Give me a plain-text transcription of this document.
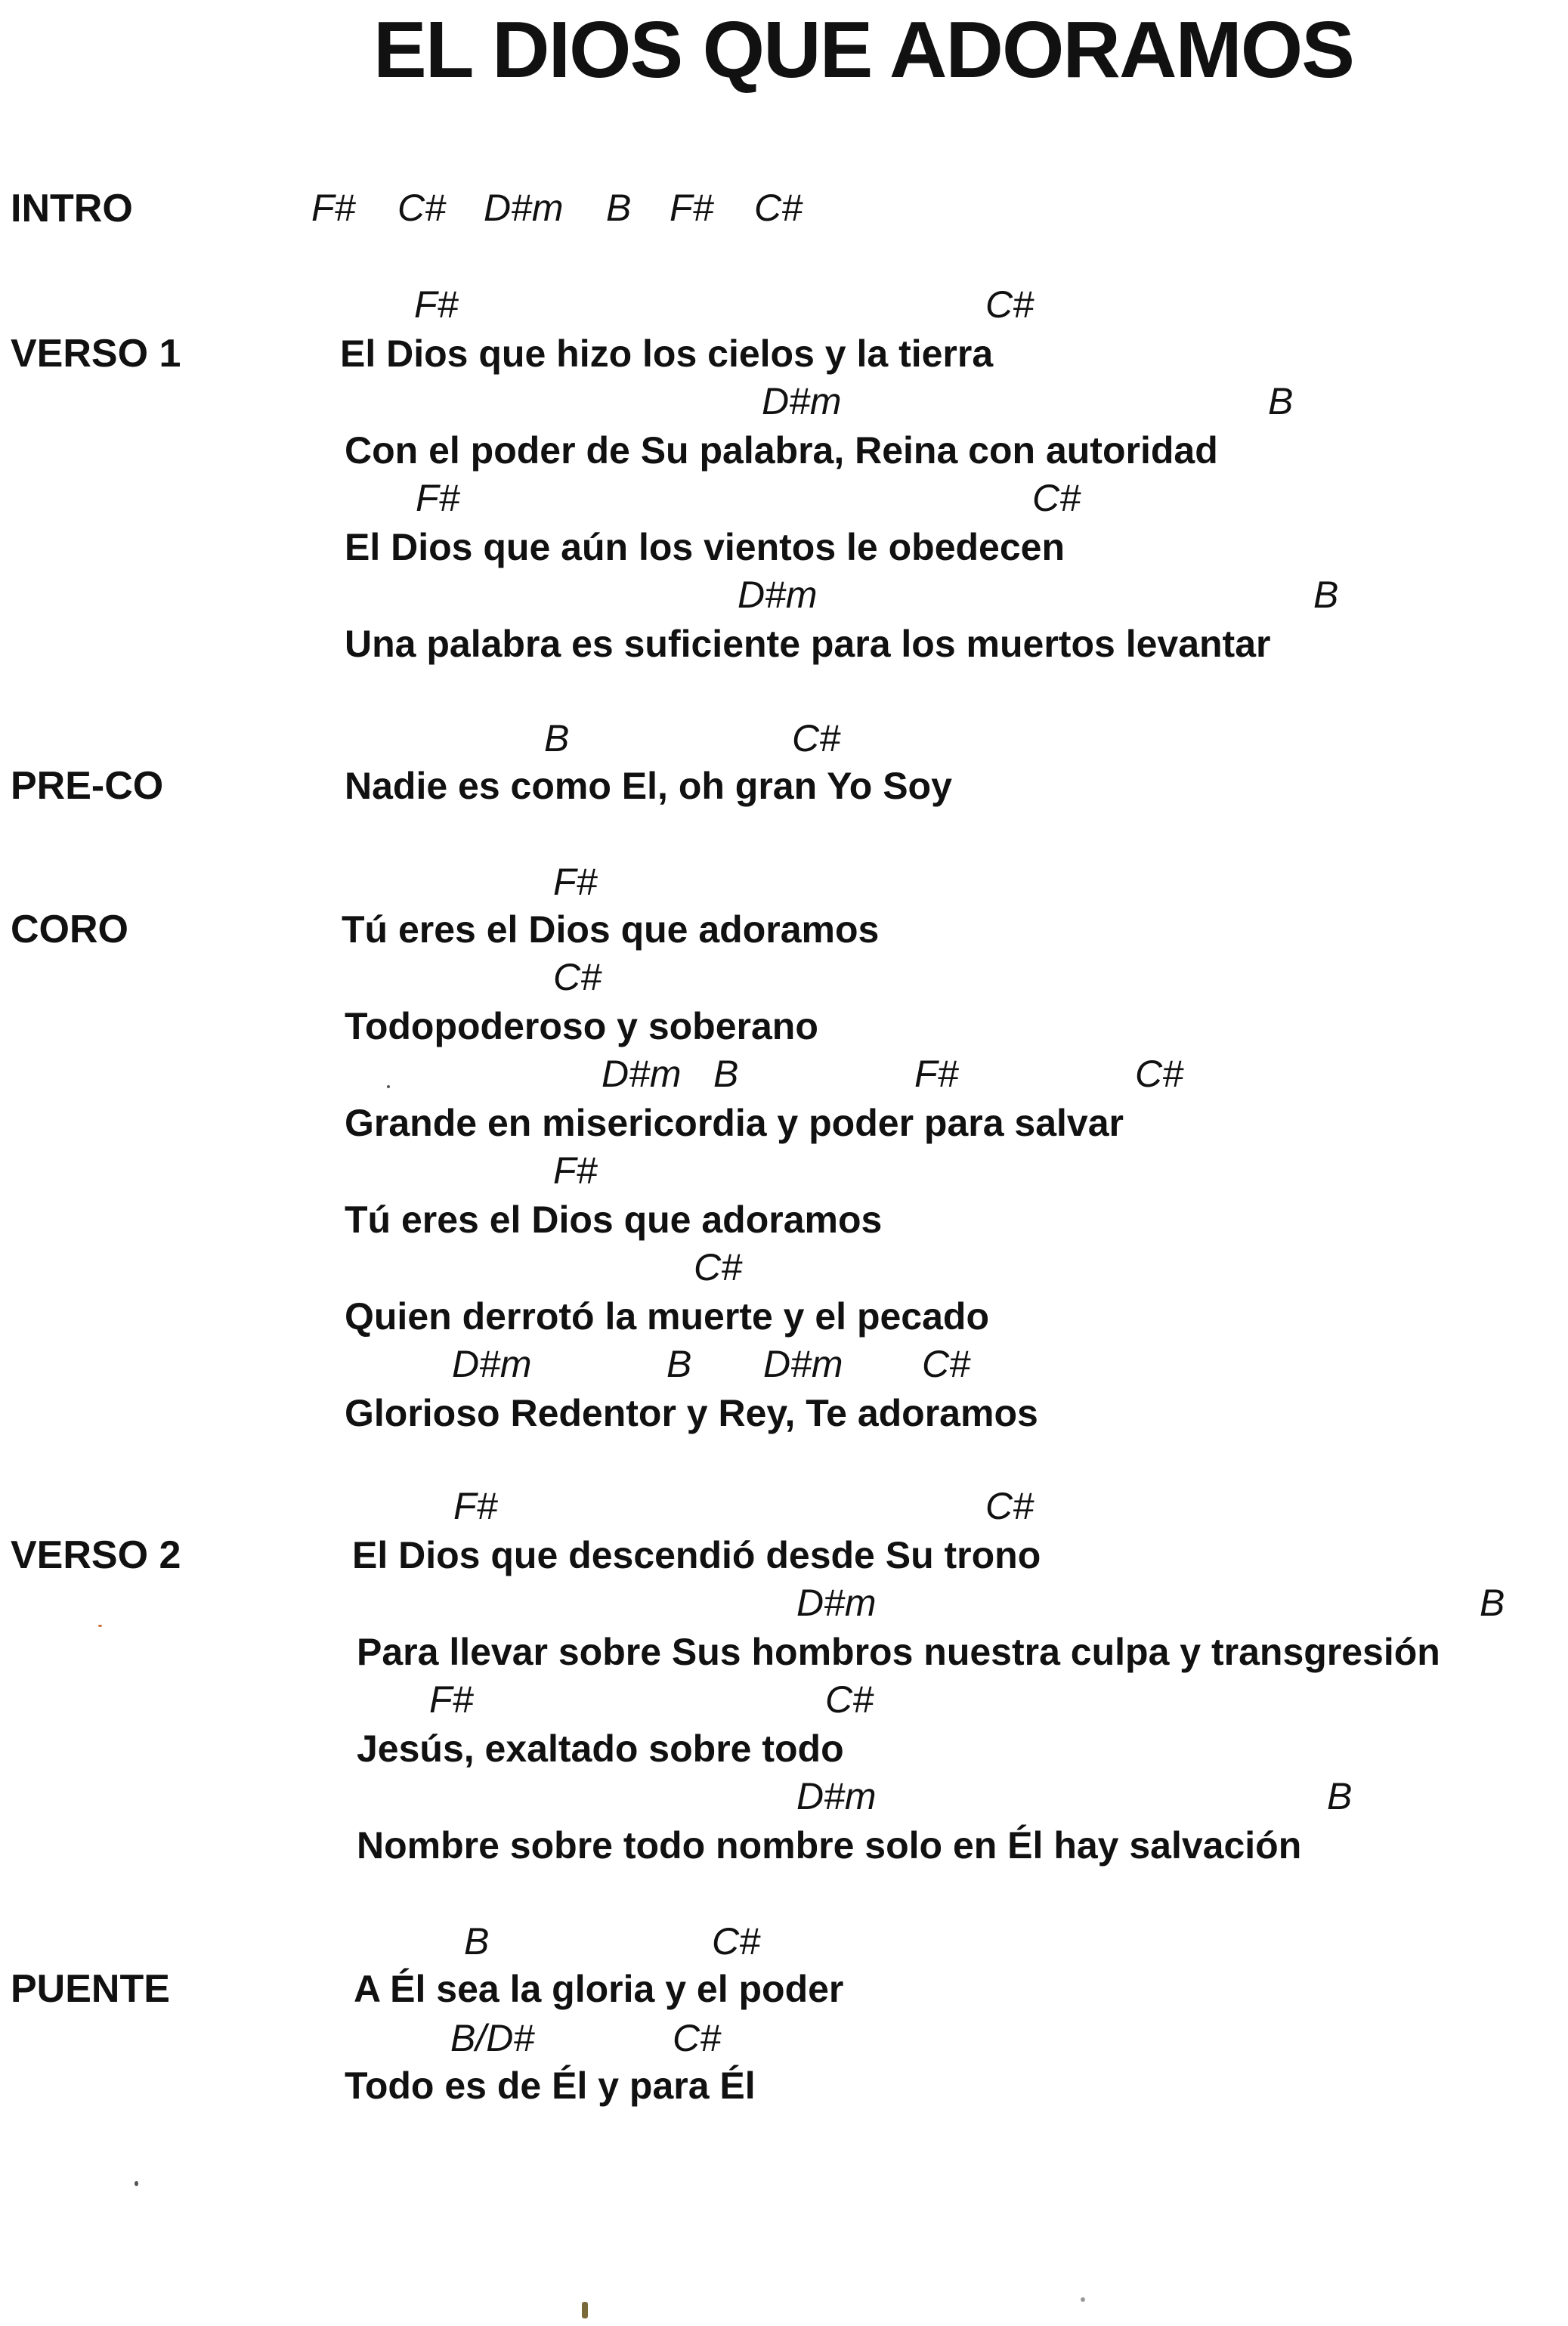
EL DIOS QUE ADORAMOS
INTRO	F# C# D#m B F# C#
VERSO 1
F#	C#
El Dios que hizo los cielos y la tierra
D#m	B
Con el poder de Su palabra, Reina con autoridad
F#	C#
El Dios que aún los vientos le obedecen
D#m	B
Una palabra es suficiente para los muertos levantar
PRE-CO
B	C#
Nadie es como El, oh gran Yo Soy
CORO
F#
Tú eres el Dios que adoramos
C#
Todopoderoso y soberano
D#m B	F#	C#
Grande en misericordia y poder para salvar
F#
Tú eres el Dios que adoramos
C#
Quien derrotó la muerte y el pecado
D#m	B D#m C#
Glorioso Redentor y Rey, Te adoramos
VERSO 2
F#	C#
El Dios que descendió desde Su trono
D#m	B
Para llevar sobre Sus hombros nuestra culpa y transgresión
F#	C#
Jesús, exaltado sobre todo
D#m	B
Nombre sobre todo nombre solo en Él hay salvación
PUENTE
B	C#
A Él sea la gloria y el poder
B/D#	C#
Todo es de Él y para Él
